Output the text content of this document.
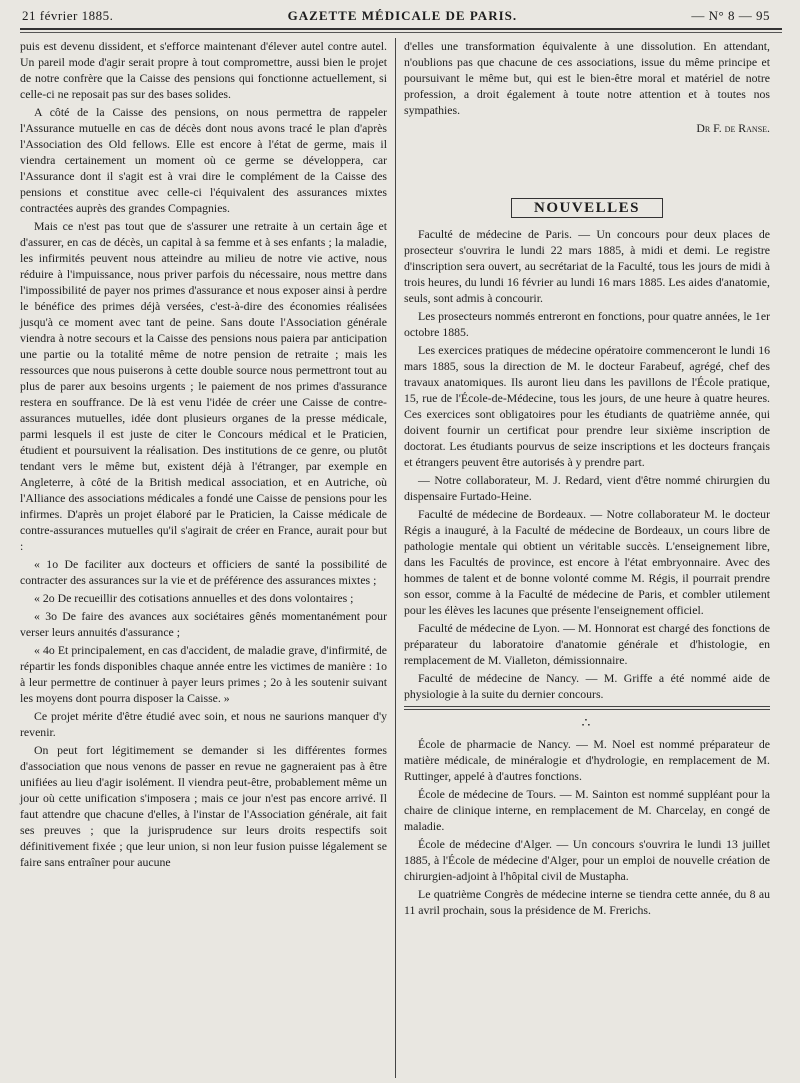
21 février 1885.	GAZETTE MÉDICALE DE PARIS.	— N° 8 — 95

puis est devenu dissident, et s'efforce maintenant d'élever autel contre autel. Un pareil mode d'agir serait propre à tout compromettre, aussi bien le projet de notre confrère que la Caisse des pensions qui fonctionne actuellement, si celle-ci ne reposait pas sur des bases solides.

A côté de la Caisse des pensions, on nous permettra de rappeler l'Assurance mutuelle en cas de décès dont nous avons tracé le plan d'après l'Association des Old fellows. Elle est encore à l'état de germe, mais il viendra certainement un moment où ce germe se développera, car l'Assurance dont il s'agit est à vrai dire le complément de la Caisse des pensions et constitue avec celle-ci l'équivalent des assurances mixtes contractées auprès des grandes Compagnies.

Mais ce n'est pas tout que de s'assurer une retraite à un certain âge et d'assurer, en cas de décès, un capital à sa femme et à ses enfants ; la maladie, les infirmités peuvent nous atteindre au milieu de notre vie active, nous réduire à l'impuissance, nous priver parfois du nécessaire, nous mettre dans l'impossibilité de payer nos primes d'assurance et nous exposer ainsi à perdre le bénéfice des primes déjà versées, c'est-à-dire des économies réalisées jusqu'à ce moment avec tant de peine. Sans doute l'Association générale viendra à notre secours et la Caisse des pensions nous paiera par anticipation une partie ou la totalité même de notre pension de retraite ; mais les ressources que nous puiserons à cette double source nous permettront tout au plus de parer aux besoins urgents ; le paiement de nos primes d'assurance restera en souffrance. De là est venu l'idée de créer une Caisse de contre-assurances mutuelles, idée dont plusieurs organes de la presse médicale, parmi lesquels il est juste de citer le Concours médical et le Praticien, étudient et poursuivent la réalisation. Des institutions de ce genre, ou plutôt tendant vers le même but, existent déjà à l'étranger, par exemple en Angleterre, à côté de la British medical association, et en Autriche, où l'Alliance des associations médicales a fondé une Caisse de pensions pour les infirmes. D'après un projet élaboré par le Praticien, la Caisse médicale de contre-assurances mutuelles qu'il s'agirait de créer en France, aurait pour but :

« 1o De faciliter aux docteurs et officiers de santé la possibilité de contracter des assurances sur la vie et de préférence des assurances mixtes ;

« 2o De recueillir des cotisations annuelles et des dons volontaires ;

« 3o De faire des avances aux sociétaires gênés momentanément pour verser leurs annuités d'assurance ;

« 4o Et principalement, en cas d'accident, de maladie grave, d'infirmité, de répartir les fonds disponibles chaque année entre les victimes de manière : 1o à leur permettre de continuer à payer leurs primes ; 2o à les soutenir suivant les moyens dont pourra disposer la Caisse. »

Ce projet mérite d'être étudié avec soin, et nous ne saurions manquer d'y revenir.

On peut fort légitimement se demander si les différentes formes d'association que nous venons de passer en revue ne gagneraient pas à être unifiées au lieu d'agir isolément. Il viendra peut-être, probablement même un jour où cette unification s'imposera ; mais ce jour n'est pas encore arrivé. Il faut attendre que chacune d'elles, à l'instar de l'Association générale, ait fait ses preuves ; que la jurisprudence sur leurs droits respectifs soit définitivement fixée ; que leur union, si non leur fusion puisse légalement se faire sans entraîner pour aucune

d'elles une transformation équivalente à une dissolution. En attendant, n'oublions pas que chacune de ces associations, issue du même principe et poursuivant le même but, qui est le bien-être moral et matériel de notre profession, a droit également à toute notre attention et à toutes nos sympathies.

Dr F. de Ranse.
NOUVELLES

Faculté de médecine de Paris. — Un concours pour deux places de prosecteur s'ouvrira le lundi 22 mars 1885, à midi et demi. Le registre d'inscription sera ouvert, au secrétariat de la Faculté, tous les jours de midi à trois heures, du lundi 16 février au lundi 16 mars 1885. Les aides d'anatomie, seuls, sont admis à concourir.

Les prosecteurs nommés entreront en fonctions, pour quatre années, le 1er octobre 1885.

Les exercices pratiques de médecine opératoire commenceront le lundi 16 mars 1885, sous la direction de M. le docteur Farabeuf, agrégé, chef des travaux anatomiques. Ils auront lieu dans les pavillons de l'École pratique, 15, rue de l'École-de-Médecine, tous les jours, de une heure à quatre heures. Ces exercices sont obligatoires pour les étudiants de quatrième année, qui doivent fournir un certificat pour prendre leur sixième inscription de doctorat. Les étudiants pourvus de seize inscriptions et les docteurs français et étrangers peuvent être autorisés à y prendre part.

— Notre collaborateur, M. J. Redard, vient d'être nommé chirurgien du dispensaire Furtado-Heine.

Faculté de médecine de Bordeaux. — Notre collaborateur M. le docteur Régis a inauguré, à la Faculté de médecine de Bordeaux, un cours libre de pathologie mentale qui obtient un véritable succès. L'enseignement libre, dans les Facultés de province, est encore à l'état embryonnaire. Avec des hommes de talent et de bonne volonté comme M. Régis, il pourrait prendre son essor, comme à la Faculté de médecine de Paris, et combler utilement pour les élèves les lacunes que présente l'enseignement officiel.

Faculté de médecine de Lyon. — M. Honnorat est chargé des fonctions de préparateur du laboratoire d'anatomie générale et d'histologie, en remplacement de M. Vialleton, démissionnaire.

Faculté de médecine de Nancy. — M. Griffe a été nommé aide de physiologie à la suite du dernier concours.

∴

École de pharmacie de Nancy. — M. Noel est nommé préparateur de matière médicale, de minéralogie et d'hydrologie, en remplacement de M. Ruttinger, appelé à d'autres fonctions.

École de médecine de Tours. — M. Sainton est nommé suppléant pour la chaire de clinique interne, en remplacement de M. Charcelay, en congé de maladie.

École de médecine d'Alger. — Un concours s'ouvrira le lundi 13 juillet 1885, à l'École de médecine d'Alger, pour un emploi de nouvelle création de chirurgien-adjoint à l'hôpital civil de Mustapha.

Le quatrième Congrès de médecine interne se tiendra cette année, du 8 au 11 avril prochain, sous la présidence de M. Frerichs.
